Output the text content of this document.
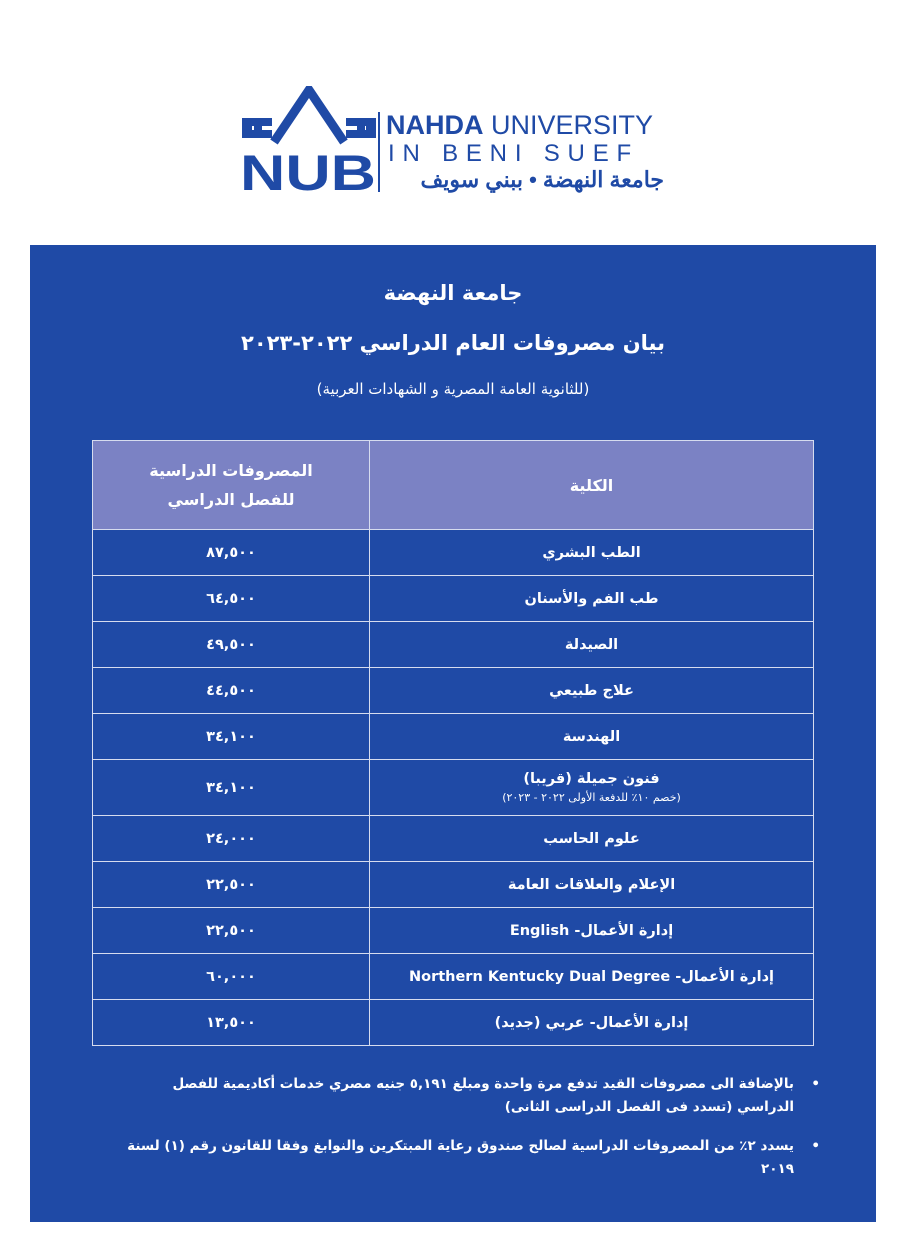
NUB
NAHDA UNIVERSITY
IN BENI SUEF
جامعة النهضة • ببني سويف
جامعة النهضة
بيان مصروفات العام الدراسي ٢٠٢٢-٢٠٢٣
(للثانوية العامة المصرية و الشهادات العربية)
الكلية	المصروفات الدراسية
للفصل الدراسي

الطب البشري	٨٧,٥٠٠
طب الفم والأسنان	٦٤,٥٠٠
الصيدلة	٤٩,٥٠٠
علاج طبيعي	٤٤,٥٠٠
الهندسة	٣٤,١٠٠

فنون جميلة (قريبا)
(خصم ١٠٪ للدفعة الأولى ٢٠٢٢ - ٢٠٢٣)	٣٤,١٠٠
علوم الحاسب	٢٤,٠٠٠
الإعلام والعلاقات العامة	٢٢,٥٠٠
إدارة الأعمال- English	٢٢,٥٠٠
إدارة الأعمال- Northern Kentucky Dual Degree	٦٠,٠٠٠
إدارة الأعمال- عربي (جديد)	١٣,٥٠٠
•
بالإضافة الى مصروفات القيد تدفع مرة واحدة ومبلغ ٥,١٩١ جنيه مصري خدمات أكاديمية للفصل الدراسي (تسدد فى الفصل الدراسى الثانى)
•
يسدد ٢٪ من المصروفات الدراسية لصالح صندوق رعاية المبتكرين والنوابغ وفقا للقانون رقم (١) لسنة ٢٠١٩
